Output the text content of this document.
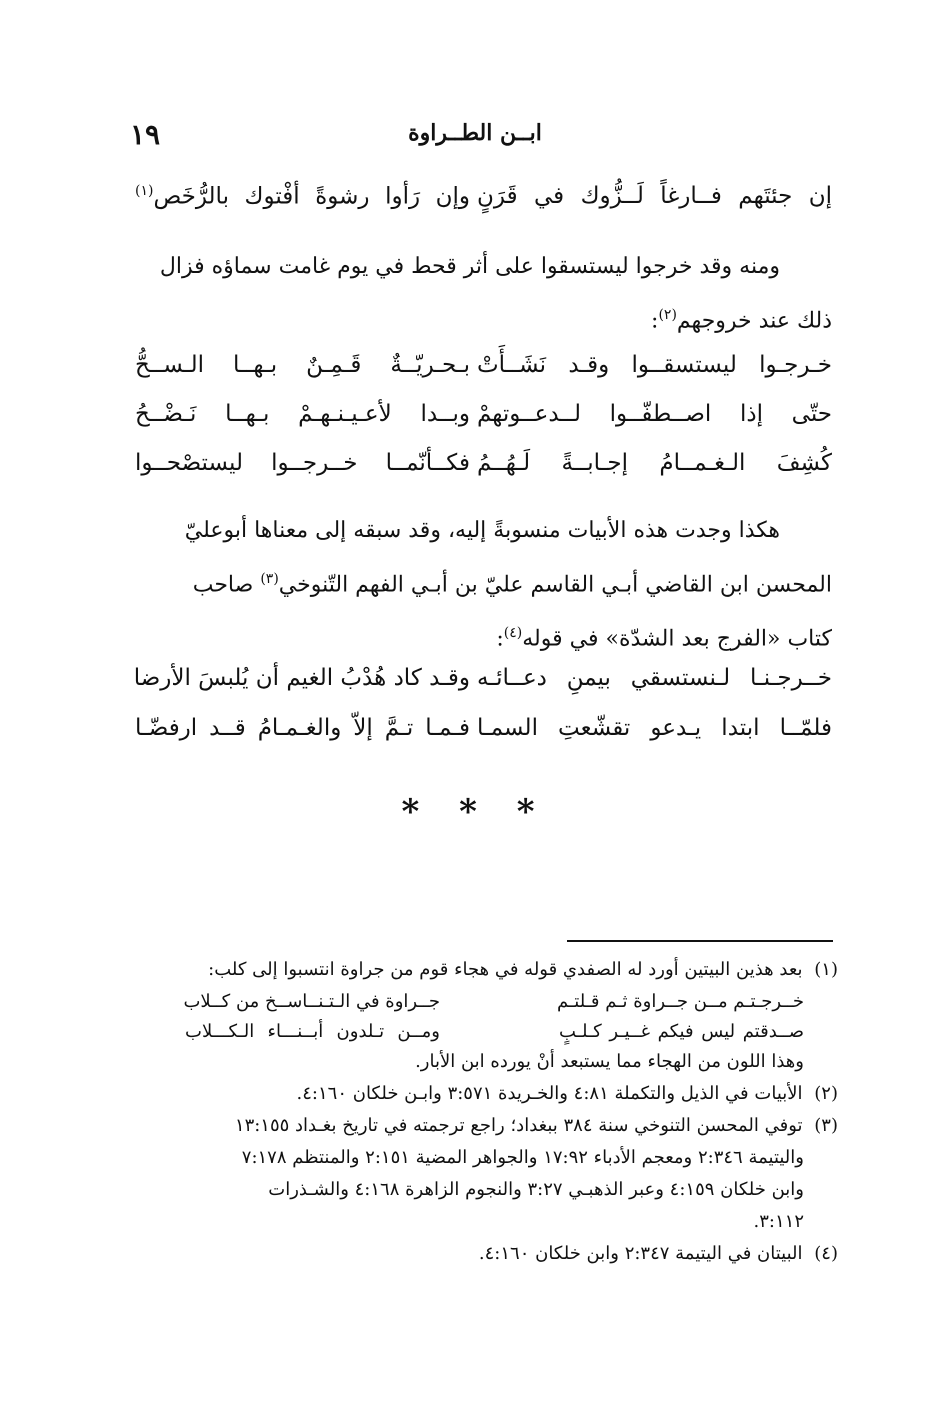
ابــن الطــراوة
١٩
إن جئتَهم فــارغاً لَــزُّوك في قَرَنٍ
وإن رَأوا رشوةً أفْتوك بالرُّخَص$^{(١)}$
ومنه وقد خرجوا ليستسقوا على أثر قحط في يوم غامت سماؤه فزال
ذلك عند خروجهم$^{(٢)}$:
خـرجـوا ليستسقــوا وقـد نَشَــأَتْ
بـحـريّــةٌ قَـمِـنٌ بـهــا الـســحُّ
حتّى إذا اصــطفّــوا لــدعــوتهمْ
وبــدا لأعـيـنـهـمْ بـهــا نَـضْــحُ
كُشِفَ الـغـمــامُ إجـابــةً لَـهُــمُ
فكــأنّمــا خــرجــوا ليستصْحــوا
هكذا وجدت هذه الأبيات منسوبةً إليه، وقد سبقه إلى معناها أبوعليّ
المحسن ابن القاضي أبـي القاسم عليّ بن أبـي الفهم التّنوخي$^{(٣)}$ صاحب
كتاب «الفرج بعد الشدّة» في قوله$^{(٤)}$:
خــرجـنـا لـنستسقي بيمنِ دعــائـه
وقـد كاد هُدْبُ الغيم أن يُلبسَ الأرضا
فلمّــا ابتدا يـدعو تقشّعتِ السمـا
فـمـا تـمَّ إلاّ والغـمـامُ قــد ارفضّـا
* * *
(١) بعد هذين البيتين أورد له الصفدي قوله في هجاء قوم من جراوة انتسبوا إلى كلب:
خــرجـتـم مــن جــراوة ثـم قـلتـم
جــراوة في الـتـنــاســخ من كــلاب
صــدقتم ليس فيكم غــيـر كـلـبٍ
ومــن تـلدون أبــنـــاء الـكـــلاب
وهذا اللون من الهجاء مما يستبعد أنْ يورده ابن الأبار.
(٢) الأبيات في الذيل والتكملة ٤:٨١ والخـريدة ٣:٥٧١ وابـن خلكان ٤:١٦٠.
(٣) توفي المحسن التنوخي سنة ٣٨٤ ببغداد؛ راجع ترجمته في تاريخ بغـداد ١٣:١٥٥
واليتيمة ٢:٣٤٦ ومعجم الأدباء ١٧:٩٢ والجواهر المضية ٢:١٥١ والمنتظم ٧:١٧٨
وابن خلكان ٤:١٥٩ وعبر الذهبـي ٣:٢٧ والنجوم الزاهرة ٤:١٦٨ والشـذرات
٣:١١٢.
(٤) البيتان في اليتيمة ٢:٣٤٧ وابن خلكان ٤:١٦٠.
